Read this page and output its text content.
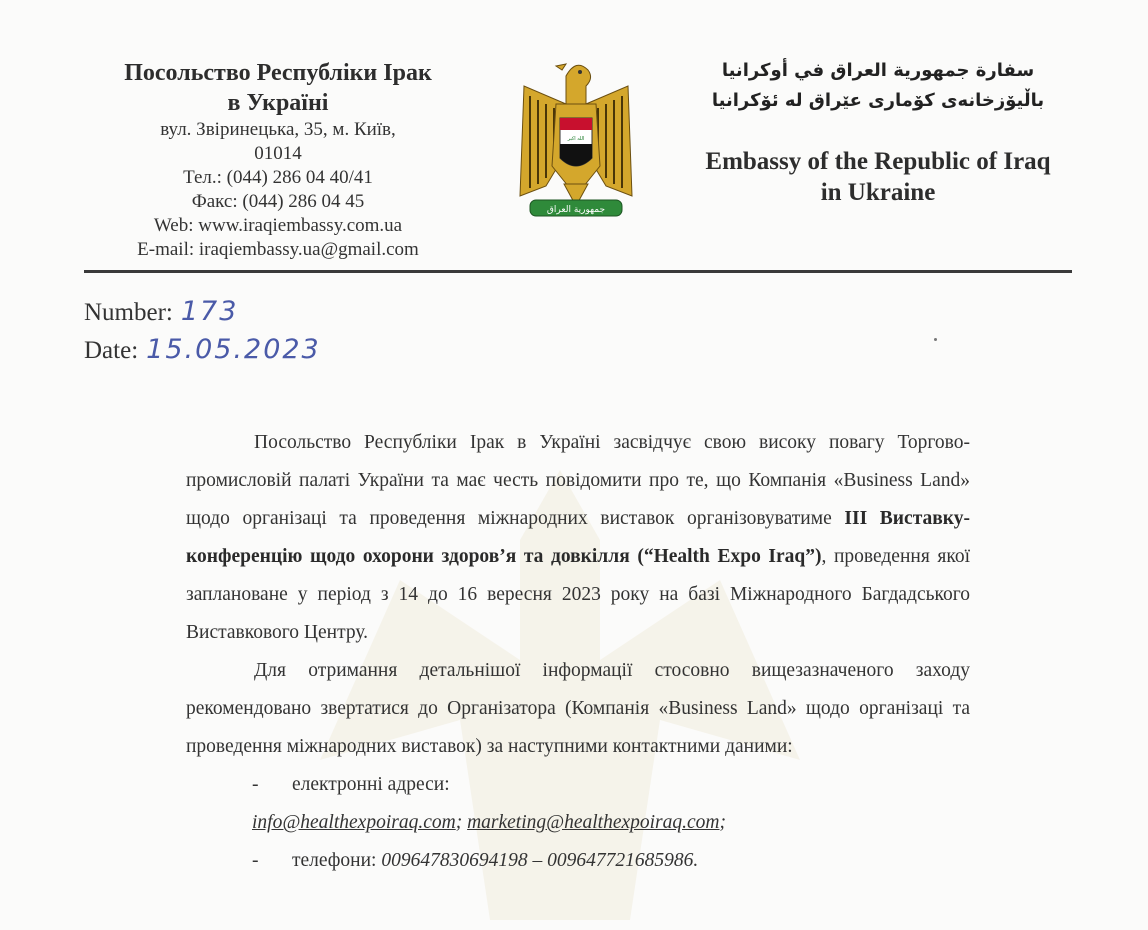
Посольство Республіки Ірак
в Україні
вул. Звіринецька, 35, м. Київ,
01014
Тел.: (044) 286 04 40/41
Факс: (044) 286 04 45
Web: www.iraqiembassy.com.ua
E-mail: iraqiembassy.ua@gmail.com
الله اكبر
جمهورية العراق
سفارة جمهورية العراق في أوكرانيا
باڵیۆزخانەی کۆماری عێراق لە ئۆکرانیا
Embassy of the Republic of Iraq
in Ukraine
Number: 173
Date: 15.05.2023

Посольство Республіки Ірак в Україні засвідчує свою високу повагу Торгово-промисловій палаті України та має честь повідомити про те, що Компанія «Business Land» щодо організаці та проведення міжнародних виставок організовуватиме ІІІ Виставку-конференцію щодо охорони здоров’я та довкілля (“Health Expo Iraq”), проведення якої заплановане у період з 14 до 16 вересня 2023 року на базі Міжнародного Багдадського Виставкового Центру.

Для отримання детальнішої інформації стосовно вищезазначеного заходу рекомендовано звертатися до Організатора (Компанія «Business Land» щодо організаці та проведення міжнародних виставок) за наступними контактними даними:

- електронні адреси:
info@healthexpoiraq.com; marketing@healthexpoiraq.com;
- телефони: 009647830694198 – 009647721685986.
